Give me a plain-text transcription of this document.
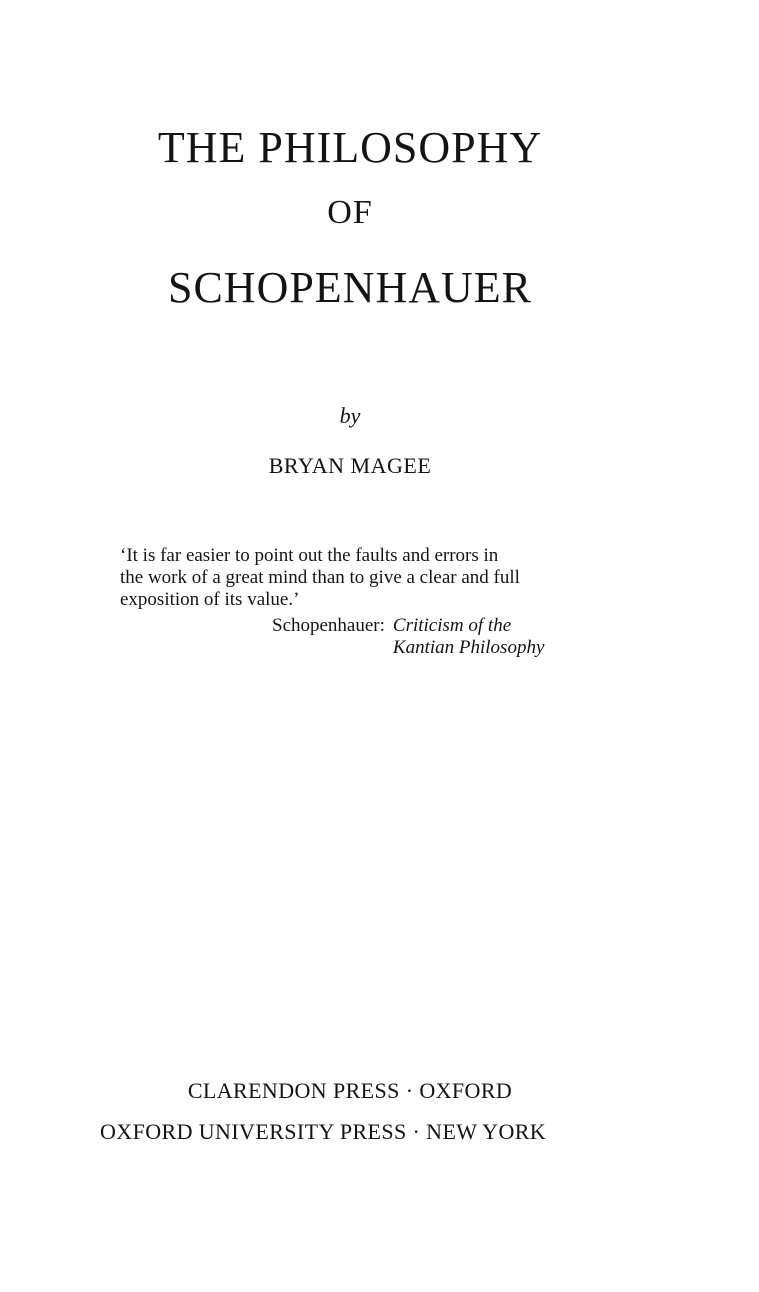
THE PHILOSOPHY
OF
SCHOPENHAUER
by
BRYAN MAGEE
‘It is far easier to point out the faults and errors in
the work of a great mind than to give a clear and full
exposition of its value.’
Schopenhauer: Criticism of the
Kantian Philosophy
CLARENDON PRESS · OXFORD
OXFORD UNIVERSITY PRESS · NEW YORK
